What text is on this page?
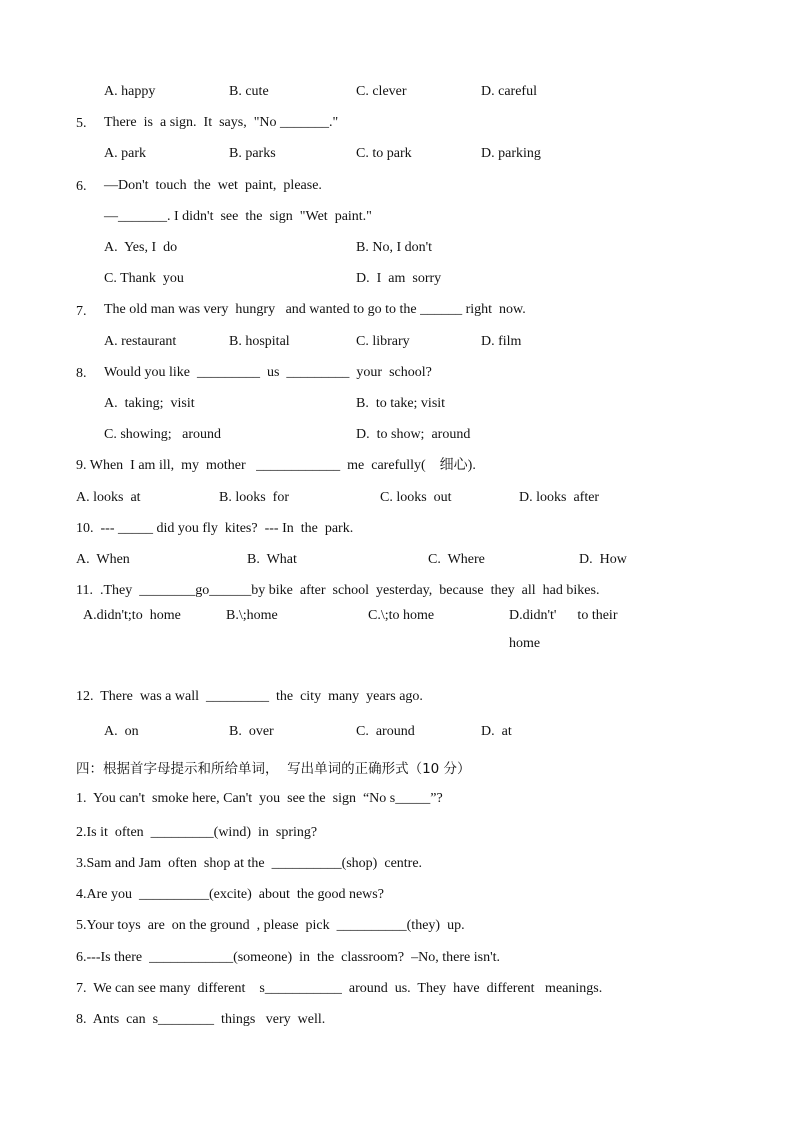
A. happy	B. cute	C. clever	D. careful
5. There  is  a sign.  It  says,  "No _______."
A. park	B. parks	C. to park	D. parking
6. —Don't  touch  the  wet  paint,  please.
—_______. I didn't  see  the  sign  "Wet  paint."
A.  Yes, I  do	B. No, I don't
C. Thank  you	D.  I  am  sorry
7. The old man was very  hungry   and wanted to go to the ______ right  now.
A. restaurant	B. hospital	C. library	D. film
8. Would you like  _________  us  _________  your  school?
A.  taking;  visit	B.  to take; visit
C. showing;   around	D.  to show;  around
9. When  I am ill,  my  mother   ____________  me  carefully(    细心).
A. looks  at	B. looks  for	C. looks  out	D. looks  after
10.  --- _____ did you fly  kites?  --- In  the  park.
A.  When	B.  What	C.  Where	D.  How
11.  .They  ________go______by bike  after  school  yesterday,  because  they  all  had bikes.
A.didn't;to  home	B.\;home	C.\;to home	D.didn't'      to their
home
12.  There  was a wall  _________  the  city  many  years ago.
A.  on	B.  over	C.  around	D.  at
四：根据首字母提示和所给单词，  写出单词的正确形式（10 分）
1.  You can't  smoke here, Can't  you  see the  sign  “No s_____”?
2.Is it  often  _________(wind)  in  spring?
3.Sam and Jam  often  shop at the  __________(shop)  centre.
4.Are you  __________(excite)  about  the good news?
5.Your toys  are  on the ground  , please  pick  __________(they)  up.
6.---Is there  ____________(someone)  in  the  classroom?  –No, there isn't.
7.  We can see many  different    s___________  around  us.  They  have  different   meanings.
8.  Ants  can  s________  things   very  well.
